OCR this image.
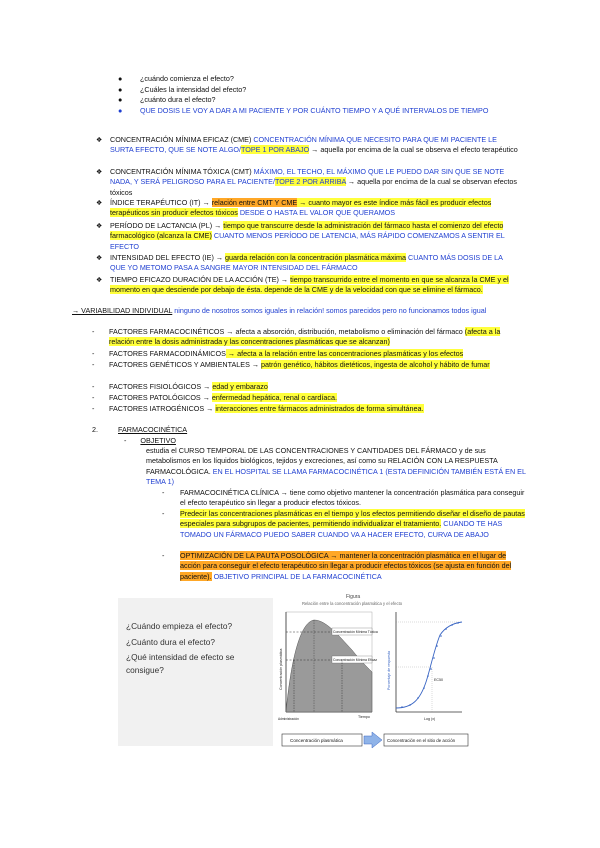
● ¿cuándo comienza el efecto?
● ¿Cuáles la intensidad del efecto?
● ¿cuánto dura el efecto?
● QUE DOSIS LE VOY A DAR A MI PACIENTE Y POR CUÁNTO TIEMPO Y A QUÉ INTERVALOS DE TIEMPO
❖ CONCENTRACIÓN MÍNIMA EFICAZ (CME) CONCENTRACIÓN MÍNIMA QUE NECESITO PARA QUE MI PACIENTE LE SURTA EFECTO, QUE SE NOTE ALGO/TOPE 1 POR ABAJO → aquella por encima de la cual se observa el efecto terapéutico
❖ CONCENTRACIÓN MÍNIMA TÓXICA (CMT) MÁXIMO, EL TECHO, EL MÁXIMO QUE LE PUEDO DAR SIN QUE SE NOTE NADA, Y SERÁ PELIGROSO PARA EL PACIENTE/TOPE 2 POR ARRIBA → aquella por encima de la cual se observan efectos tóxicos
❖ ÍNDICE TERAPÉUTICO (IT) → relación entre CMT Y CME → cuanto mayor es este índice más fácil es producir efectos terapéuticos sin producir efectos tóxicos DESDE O HASTA EL VALOR QUE QUERAMOS
❖ PERÍODO DE LACTANCIA (PL) → tiempo que transcurre desde la administración del fármaco hasta el comienzo del efecto farmacológico (alcanza la CME) CUANTO MENOS PERÍODO DE LATENCIA, MÁS RÁPIDO COMENZAMOS A SENTIR EL EFECTO
❖ INTENSIDAD DEL EFECTO (IE) → guarda relación con la concentración plasmática máxima CUANTO MÁS DOSIS DE LA QUE YO METOMO PASA A SANGRE MAYOR INTENSIDAD DEL FÁRMACO
❖ TIEMPO EFICAZO DURACIÓN DE LA ACCIÓN (TE) → tiempo transcurrido entre el momento en que se alcanza la CME y el momento en que desciende por debajo de ésta. depende de la CME y de la velocidad con que se elimine el fármaco.
→ VARIABILIDAD INDIVIDUAL ninguno de nosotros somos iguales in relación! somos parecidos pero no funcionamos todos igual
- FACTORES FARMACOCINÉTICOS → afecta a absorción, distribución, metabolismo o eliminación del fármaco (afecta a la relación entre la dosis administrada y las concentraciones plasmáticas que se alcanzan)
- FACTORES FARMACODINÁMICOS → afecta a la relación entre las concentraciones plasmáticas y los efectos
- FACTORES GENÉTICOS Y AMBIENTALES → patrón genético, hábitos dietéticos, ingesta de alcohol y hábito de fumar
- FACTORES FISIOLÓGICOS → edad y embarazo
- FACTORES PATOLÓGICOS → enfermedad hepática, renal o cardíaca.
- FACTORES IATROGÉNICOS → interacciones entre fármacos administrados de forma simultánea.
2.	FARMACOCINÉTICA
- OBJETIVO
estudia el CURSO TEMPORAL DE LAS CONCENTRACIONES Y CANTIDADES DEL FÁRMACO y de sus metabolismos en los líquidos biológicos, tejidos y excreciones, así como su RELACIÓN CON LA RESPUESTA FARMACOLÓGICA. EN EL HOSPITAL SE LLAMA FARMACOCINÉTICA 1 (ESTA DEFINICIÓN TAMBIÉN ESTÁ EN EL TEMA 1)
- FARMACOCINÉTICA CLÍNICA → tiene como objetivo mantener la concentración plasmática para conseguir el efecto terapéutico sin llegar a producir efectos tóxicos.
- Predecir las concentraciones plasmáticas en el tiempo y los efectos permitiendo diseñar el diseño de pautas especiales para subgrupos de pacientes, permitiendo individualizar el tratamiento. CUANDO TE HAS TOMADO UN FÁRMACO PUEDO SABER CUANDO VA A HACER EFECTO, CURVA DE ABAJO
- OPTIMIZACIÓN DE LA PAUTA POSOLÓGICA → mantener la concentración plasmática en el lugar de acción para conseguir el efecto terapéutico sin llegar a producir efectos tóxicos (se ajusta en función del paciente). OBJETIVO PRINCIPAL DE LA FARMACOCINÉTICA
¿Cuándo empieza el efecto?
¿Cuánto dura el efecto?
¿Qué intensidad de efecto se consigue?
Figura
Relación entre la concentración plasmática y el efecto
Concentración Mínima Tóxica
Concentración Mínima Eficaz
Concentración plasmática
Tiempo
Administración
Porcentaje de respuesta
Log (x)
EC50
Concentración plasmática	Concentración en el sitio de acción
